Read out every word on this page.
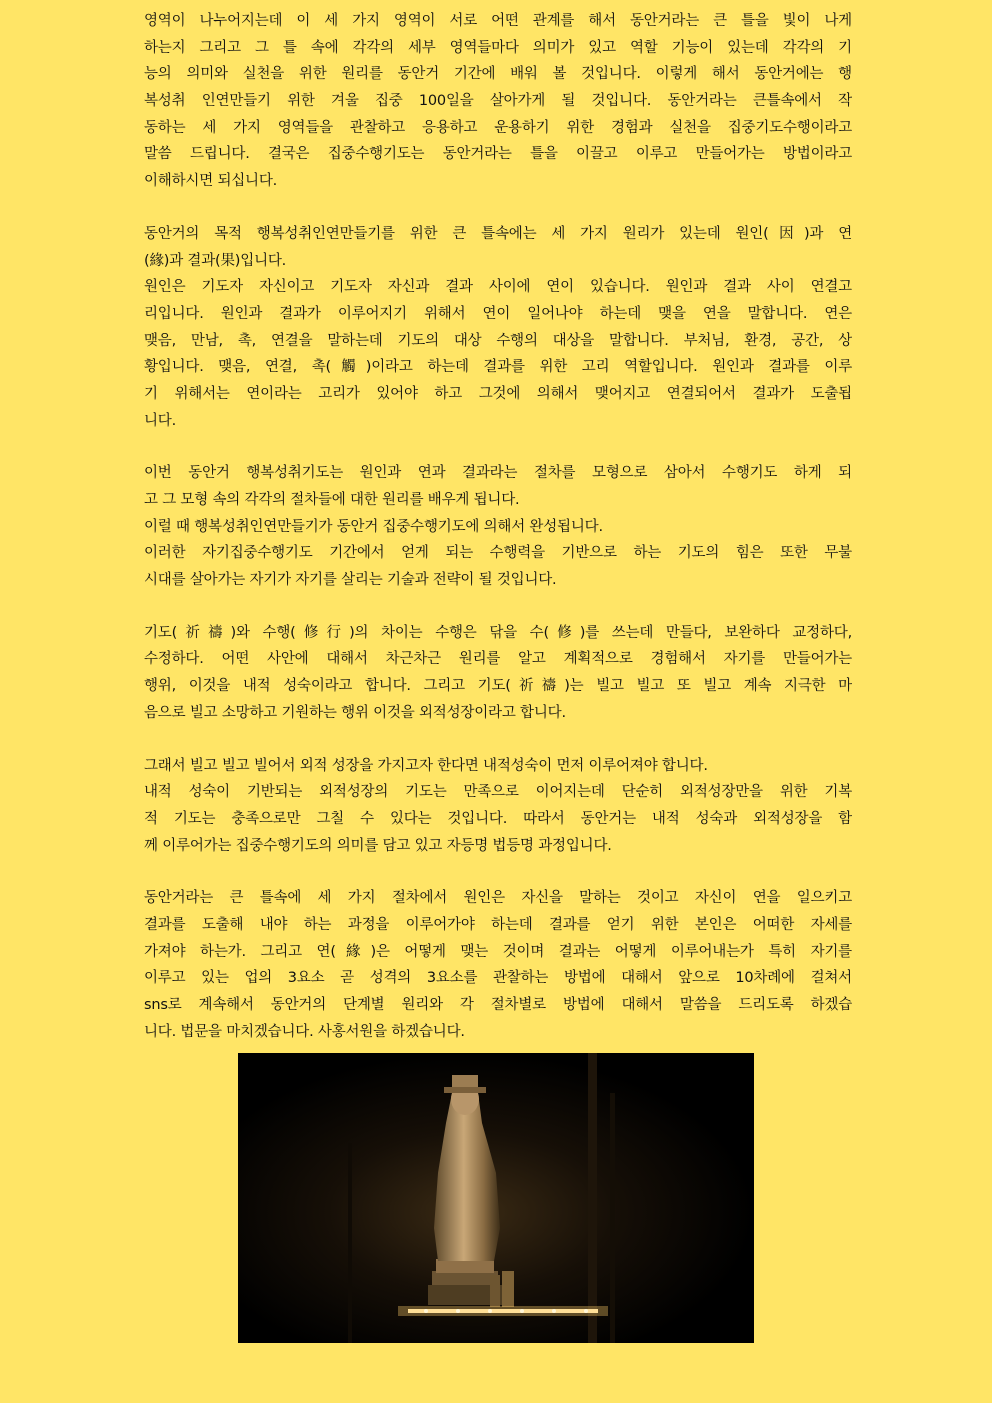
영역이 나누어지는데 이 세 가지 영역이 서로 어떤 관계를 해서 동안거라는 큰 틀을 빛이 나게
하는지 그리고 그 틀 속에 각각의 세부 영역들마다 의미가 있고 역할 기능이 있는데 각각의 기
능의 의미와 실천을 위한 원리를 동안거 기간에 배워 볼 것입니다. 이렇게 해서 동안거에는 행
복성취 인연만들기 위한 겨울 집중 100일을 살아가게 될 것입니다. 동안거라는 큰틀속에서 작
동하는 세 가지 영역들을 관찰하고 응용하고 운용하기 위한 경험과 실천을 집중기도수행이라고
말씀 드립니다. 결국은 집중수행기도는 동안거라는 틀을 이끌고 이루고 만들어가는 방법이라고
이해하시면 되십니다.
동안거의 목적 행복성취인연만들기를 위한 큰 틀속에는 세 가지 원리가 있는데 원인(因)과 연
(緣)과 결과(果)입니다.
원인은 기도자 자신이고 기도자 자신과 결과 사이에 연이 있습니다. 원인과 결과 사이 연결고
리입니다. 원인과 결과가 이루어지기 위해서 연이 일어나야 하는데 맺을 연을 말합니다. 연은
맺음, 만남, 촉, 연결을 말하는데 기도의 대상 수행의 대상을 말합니다. 부처님, 환경, 공간, 상
황입니다. 맺음, 연결, 촉(觸)이라고 하는데 결과를 위한 고리 역할입니다. 원인과 결과를 이루
기 위해서는 연이라는 고리가 있어야 하고 그것에 의해서 맺어지고 연결되어서 결과가 도출됩
니다.
이번 동안거 행복성취기도는 원인과 연과 결과라는 절차를 모형으로 삼아서 수행기도 하게 되
고 그 모형 속의 각각의 절차들에 대한 원리를 배우게 됩니다.
이럴 때 행복성취인연만들기가 동안거 집중수행기도에 의해서 완성됩니다.
이러한 자기집중수행기도 기간에서 얻게 되는 수행력을 기반으로 하는 기도의 힘은 또한 무불
시대를 살아가는 자기가 자기를 살리는 기술과 전략이 될 것입니다.
기도(祈禱)와 수행(修行)의 차이는 수행은 닦을 수(修)를 쓰는데 만들다, 보완하다 교정하다,
수정하다. 어떤 사안에 대해서 차근차근 원리를 알고 계획적으로 경험해서 자기를 만들어가는
행위, 이것을 내적 성숙이라고 합니다. 그리고 기도(祈禱)는 빌고 빌고 또 빌고 계속 지극한 마
음으로 빌고 소망하고 기원하는 행위 이것을 외적성장이라고 합니다.
그래서 빌고 빌고 빌어서 외적 성장을 가지고자 한다면 내적성숙이 먼저 이루어져야 합니다.
내적 성숙이 기반되는 외적성장의 기도는 만족으로 이어지는데 단순히 외적성장만을 위한 기복
적 기도는 충족으로만 그칠 수 있다는 것입니다. 따라서 동안거는 내적 성숙과 외적성장을 함
께 이루어가는 집중수행기도의 의미를 담고 있고 자등명 법등명 과정입니다.
동안거라는 큰 틀속에 세 가지 절차에서 원인은 자신을 말하는 것이고 자신이 연을 일으키고
결과를 도출해 내야 하는 과정을 이루어가야 하는데 결과를 얻기 위한 본인은 어떠한 자세를
가져야 하는가. 그리고 연(緣)은 어떻게 맺는 것이며 결과는 어떻게 이루어내는가 특히 자기를
이루고 있는 업의 3요소 곧 성격의 3요소를 관찰하는 방법에 대해서 앞으로 10차례에 걸쳐서
sns로 계속해서 동안거의 단계별 원리와 각 절차별로 방법에 대해서 말씀을 드리도록 하겠습
니다. 법문을 마치겠습니다. 사홍서원을 하겠습니다.
